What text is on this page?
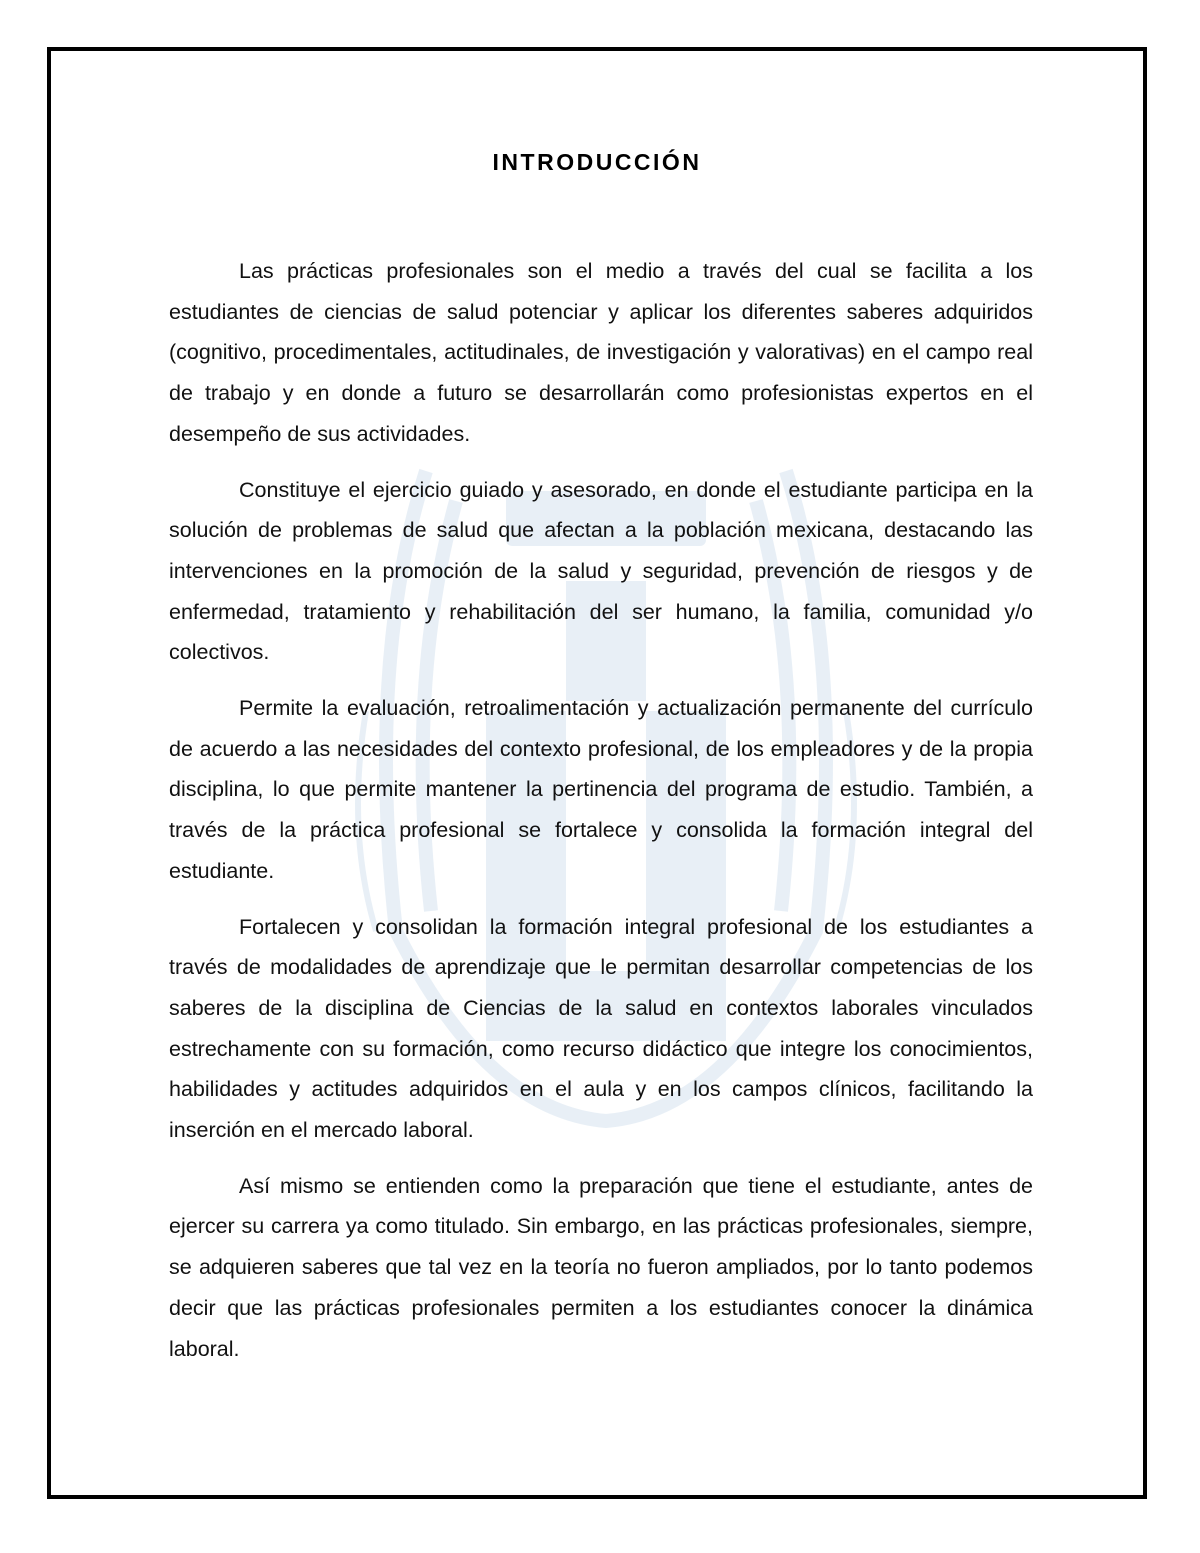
INTRODUCCIÓN

Las prácticas profesionales son el medio a través del cual se facilita a los estudiantes de ciencias de salud potenciar y aplicar los diferentes saberes adquiridos (cognitivo, procedimentales, actitudinales, de investigación y valorativas) en el campo real de trabajo y en donde a futuro se desarrollarán como profesionistas expertos en el desempeño de sus actividades.

Constituye el ejercicio guiado y asesorado, en donde el estudiante participa en la solución de problemas de salud que afectan a la población mexicana, destacando las intervenciones en la promoción de la salud y seguridad, prevención de riesgos y de enfermedad, tratamiento y rehabilitación del ser humano, la familia, comunidad y/o colectivos.

Permite la evaluación, retroalimentación y actualización permanente del currículo de acuerdo a las necesidades del contexto profesional, de los empleadores y de la propia disciplina, lo que permite mantener la pertinencia del programa de estudio. También, a través de la práctica profesional se fortalece y consolida la formación integral del estudiante.

Fortalecen y consolidan la formación integral profesional de los estudiantes a través de modalidades de aprendizaje que le permitan desarrollar competencias de los saberes de la disciplina de Ciencias de la salud en contextos laborales vinculados estrechamente con su formación, como recurso didáctico que integre los conocimientos, habilidades y actitudes adquiridos en el aula y en los campos clínicos, facilitando la inserción en el mercado laboral.

Así mismo se entienden como la preparación que tiene el estudiante, antes de ejercer su carrera ya como titulado. Sin embargo, en las prácticas profesionales, siempre, se adquieren saberes que tal vez en la teoría no fueron ampliados, por lo tanto podemos decir que las prácticas profesionales permiten a los estudiantes conocer la dinámica laboral.
